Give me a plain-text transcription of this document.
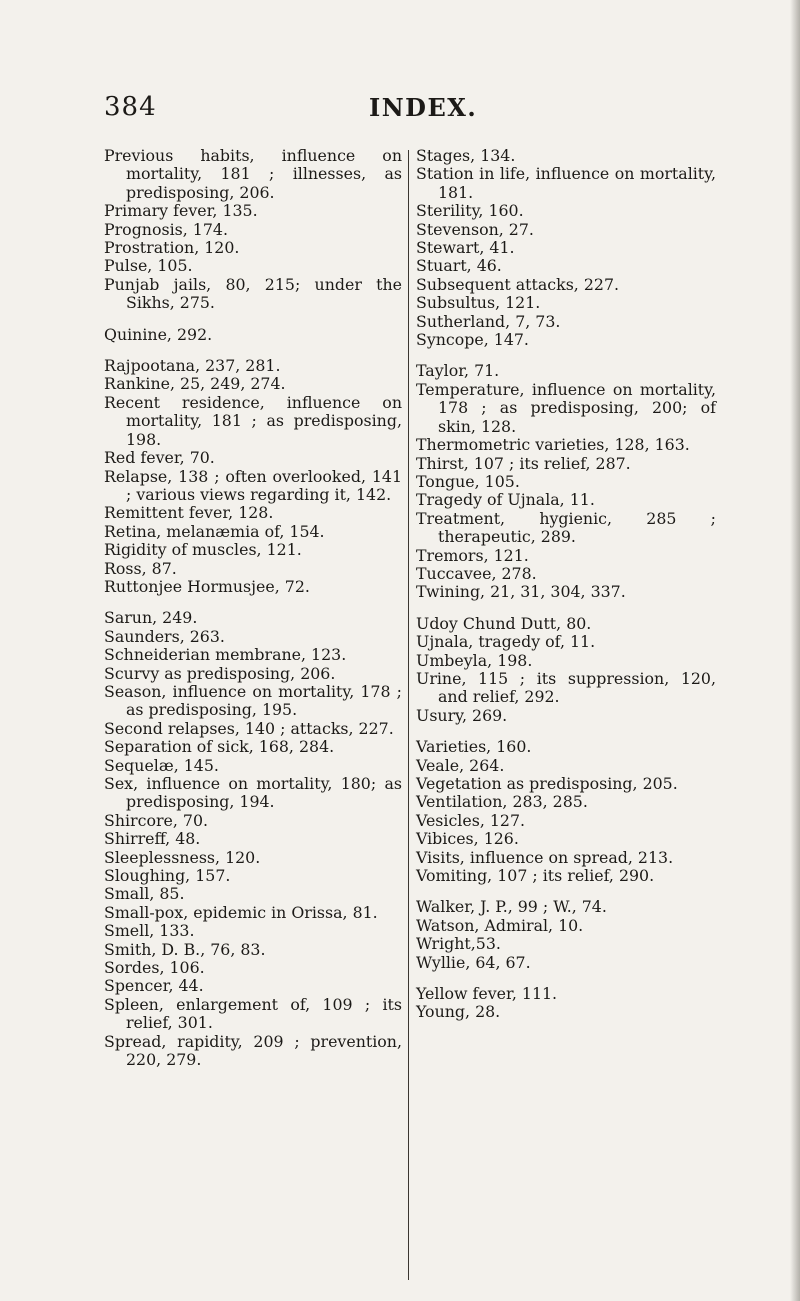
384	INDEX.

Previous habits, influence on mortality, 181 ; illnesses, as predisposing, 206.

Primary fever, 135.

Prognosis, 174.

Prostration, 120.

Pulse, 105.

Punjab jails, 80, 215; under the Sikhs, 275.

Quinine, 292.

Rajpootana, 237, 281.

Rankine, 25, 249, 274.

Recent residence, influence on mortality, 181 ; as predisposing, 198.

Red fever, 70.

Relapse, 138 ; often overlooked, 141 ; various views regarding it, 142.

Remittent fever, 128.

Retina, melanæmia of, 154.

Rigidity of muscles, 121.

Ross, 87.

Ruttonjee Hormusjee, 72.

Sarun, 249.

Saunders, 263.

Schneiderian membrane, 123.

Scurvy as predisposing, 206.

Season, influence on mortality, 178 ; as predisposing, 195.

Second relapses, 140 ; attacks, 227.

Separation of sick, 168, 284.

Sequelæ, 145.

Sex, influence on mortality, 180; as predisposing, 194.

Shircore, 70.

Shirreff, 48.

Sleeplessness, 120.

Sloughing, 157.

Small, 85.

Small-pox, epidemic in Orissa, 81.

Smell, 133.

Smith, D. B., 76, 83.

Sordes, 106.

Spencer, 44.

Spleen, enlargement of, 109 ; its relief, 301.

Spread, rapidity, 209 ; prevention, 220, 279.

Stages, 134.

Station in life, influence on mortality, 181.

Sterility, 160.

Stevenson, 27.

Stewart, 41.

Stuart, 46.

Subsequent attacks, 227.

Subsultus, 121.

Sutherland, 7, 73.

Syncope, 147.

Taylor, 71.

Temperature, influence on mortality, 178 ; as predisposing, 200; of skin, 128.

Thermometric varieties, 128, 163.

Thirst, 107 ; its relief, 287.

Tongue, 105.

Tragedy of Ujnala, 11.

Treatment, hygienic, 285 ; therapeutic, 289.

Tremors, 121.

Tuccavee, 278.

Twining, 21, 31, 304, 337.

Udoy Chund Dutt, 80.

Ujnala, tragedy of, 11.

Umbeyla, 198.

Urine, 115 ; its suppression, 120, and relief, 292.

Usury, 269.

Varieties, 160.

Veale, 264.

Vegetation as predisposing, 205.

Ventilation, 283, 285.

Vesicles, 127.

Vibices, 126.

Visits, influence on spread, 213.

Vomiting, 107 ; its relief, 290.

Walker, J. P., 99 ; W., 74.

Watson, Admiral, 10.

Wright,53.

Wyllie, 64, 67.

Yellow fever, 111.

Young, 28.
